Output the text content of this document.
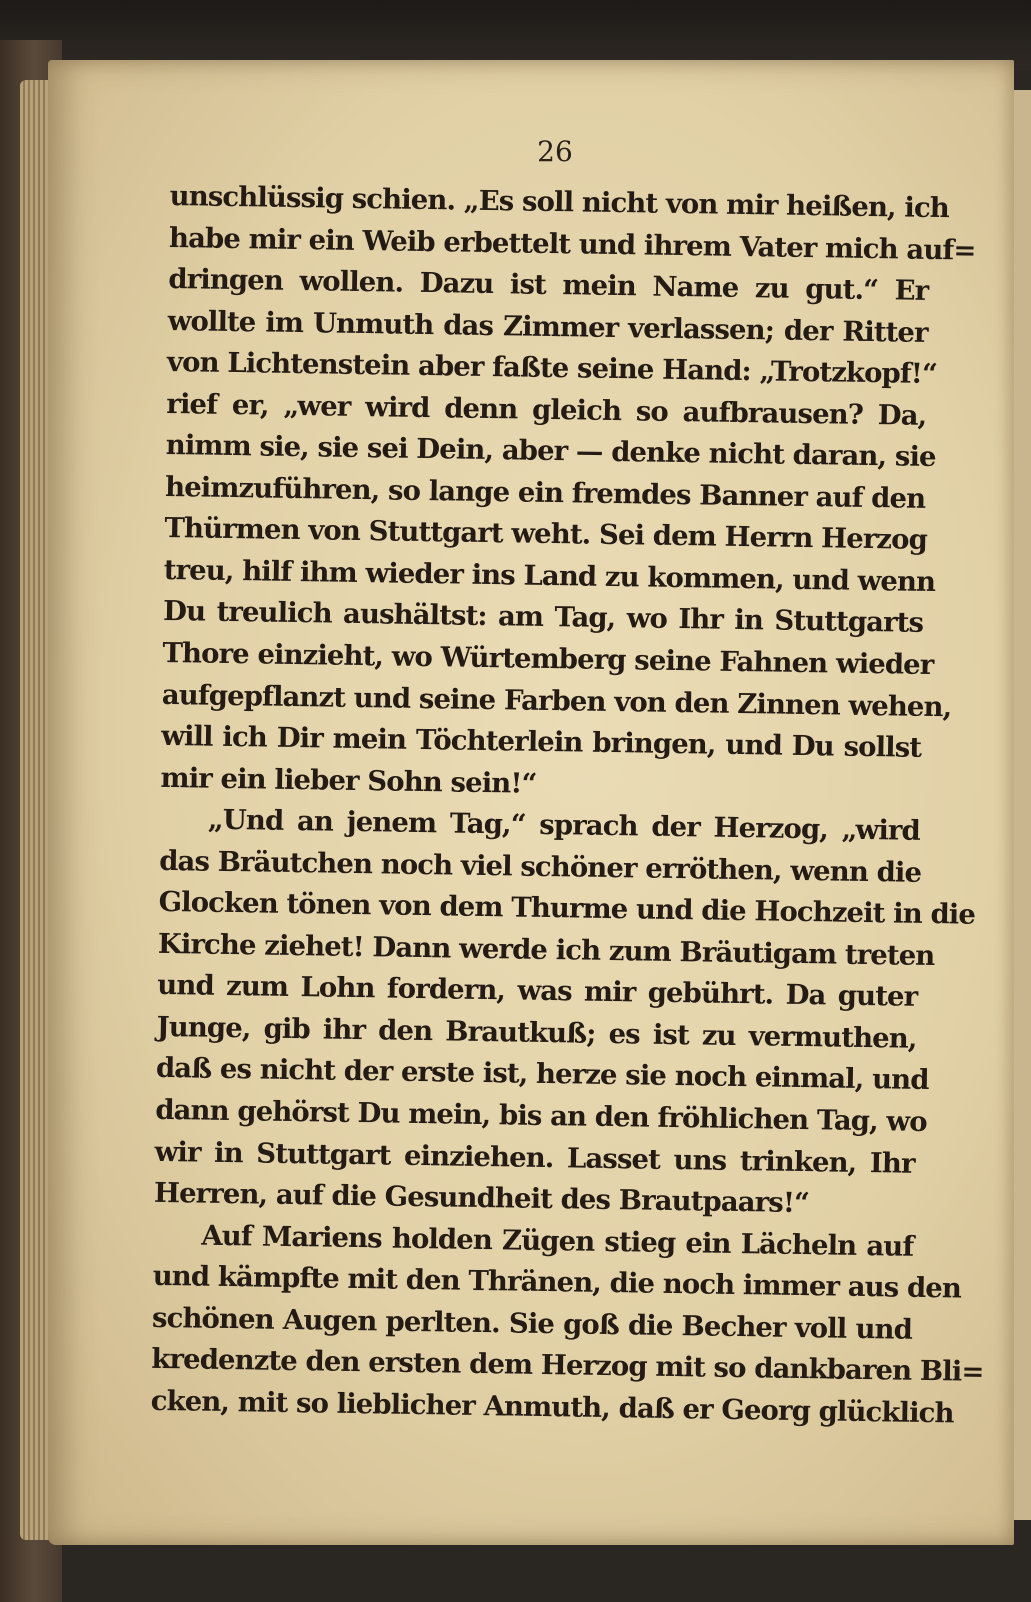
26
unschlüssig schien. „Es soll nicht von mir heißen, ich
habe mir ein Weib erbettelt und ihrem Vater mich auf=
dringen wollen. Dazu ist mein Name zu gut.“ Er
wollte im Unmuth das Zimmer verlassen; der Ritter
von Lichtenstein aber faßte seine Hand: „Trotzkopf!“
rief er, „wer wird denn gleich so aufbrausen? Da,
nimm sie, sie sei Dein, aber — denke nicht daran, sie
heimzuführen, so lange ein fremdes Banner auf den
Thürmen von Stuttgart weht. Sei dem Herrn Herzog
treu, hilf ihm wieder ins Land zu kommen, und wenn
Du treulich aushältst: am Tag, wo Ihr in Stuttgarts
Thore einzieht, wo Würtemberg seine Fahnen wieder
aufgepflanzt und seine Farben von den Zinnen wehen,
will ich Dir mein Töchterlein bringen, und Du sollst
mir ein lieber Sohn sein!“
„Und an jenem Tag,“ sprach der Herzog, „wird
das Bräutchen noch viel schöner erröthen, wenn die
Glocken tönen von dem Thurme und die Hochzeit in die
Kirche ziehet! Dann werde ich zum Bräutigam treten
und zum Lohn fordern, was mir gebührt. Da guter
Junge, gib ihr den Brautkuß; es ist zu vermuthen,
daß es nicht der erste ist, herze sie noch einmal, und
dann gehörst Du mein, bis an den fröhlichen Tag, wo
wir in Stuttgart einziehen. Lasset uns trinken, Ihr
Herren, auf die Gesundheit des Brautpaars!“
Auf Mariens holden Zügen stieg ein Lächeln auf
und kämpfte mit den Thränen, die noch immer aus den
schönen Augen perlten. Sie goß die Becher voll und
kredenzte den ersten dem Herzog mit so dankbaren Bli=
cken, mit so lieblicher Anmuth, daß er Georg glücklich
